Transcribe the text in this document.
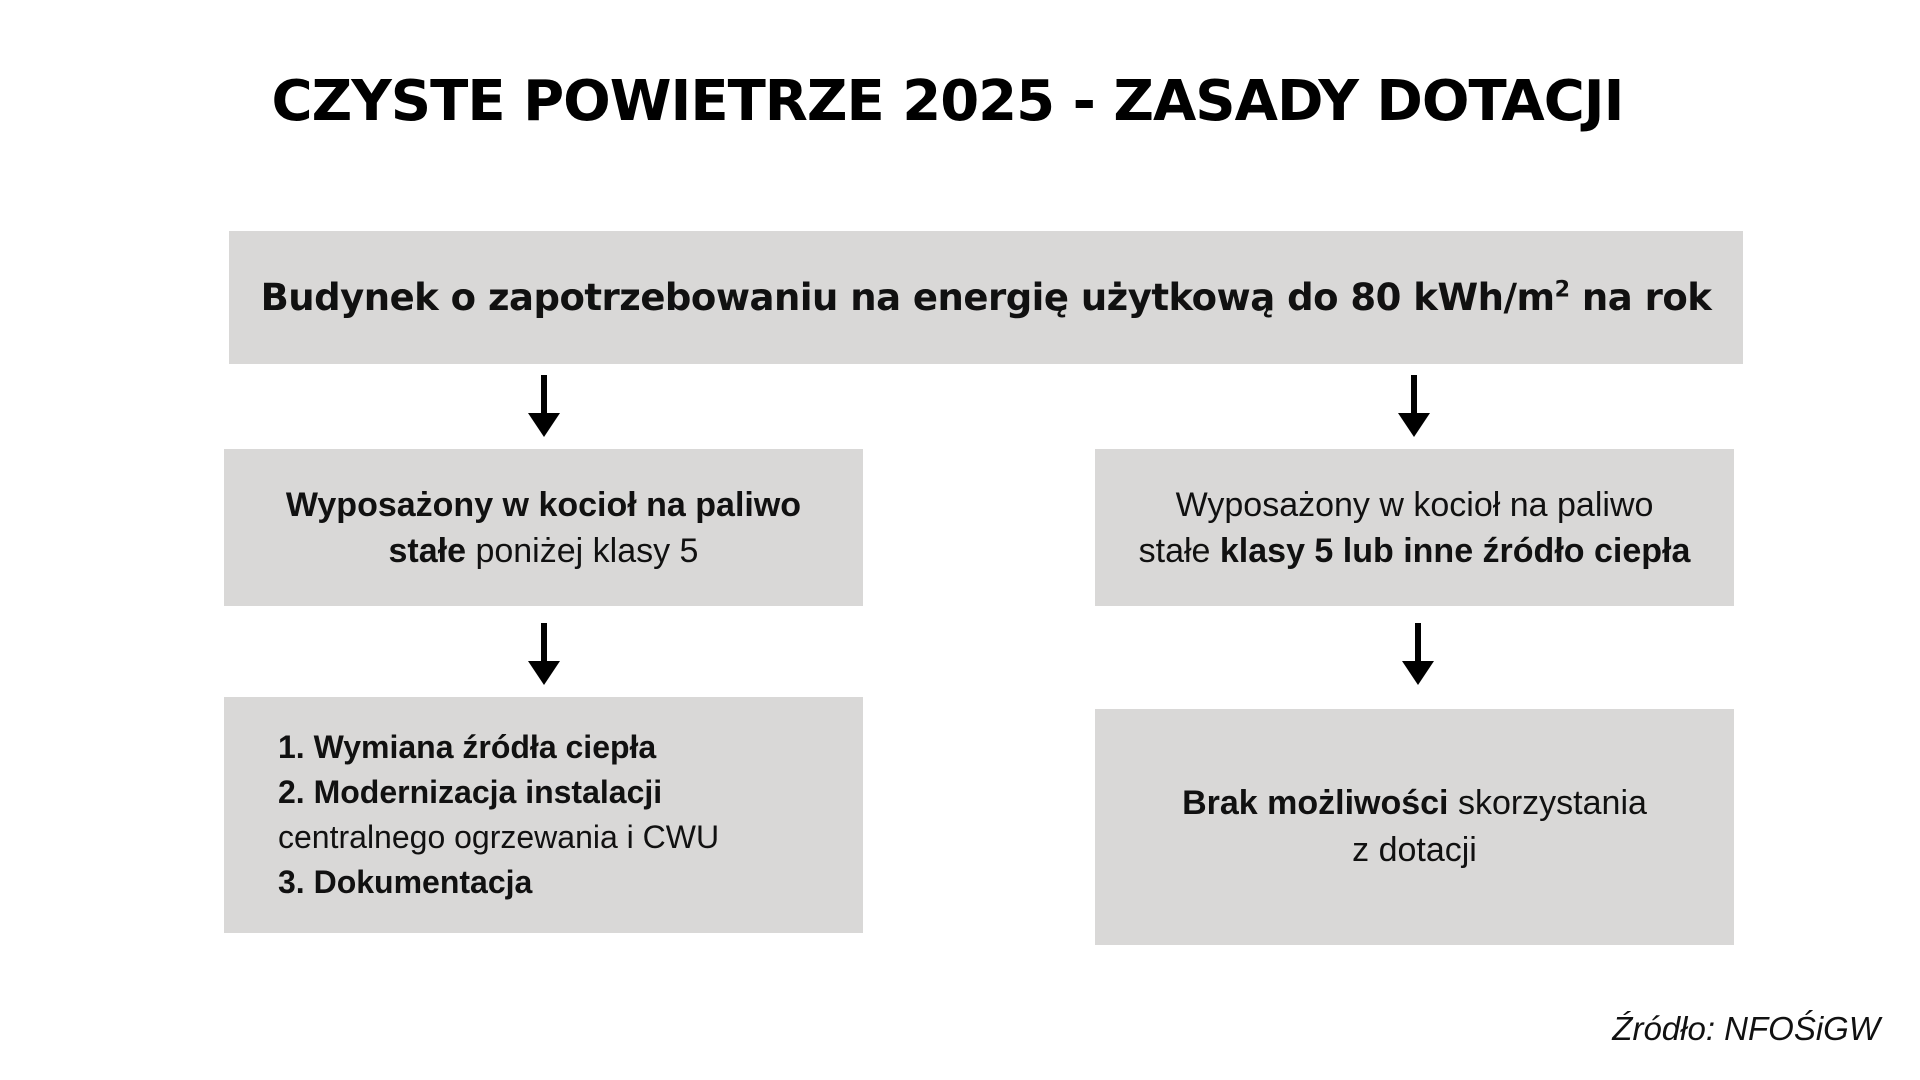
CZYSTE POWIETRZE 2025 - ZASADY DOTACJI
Budynek o zapotrzebowaniu na energię użytkową do 80 kWh/$m^2$ na rok
Wyposażony w kocioł na paliwo
stałe poniżej klasy 5
Wyposażony w kocioł na paliwo
stałe klasy 5 lub inne źródło ciepła
1. Wymiana źródła ciepła
2. Modernizacja instalacji
centralnego ogrzewania i CWU
3. Dokumentacja
Brak możliwości skorzystania
z dotacji
Źródło: NFOŚiGW
